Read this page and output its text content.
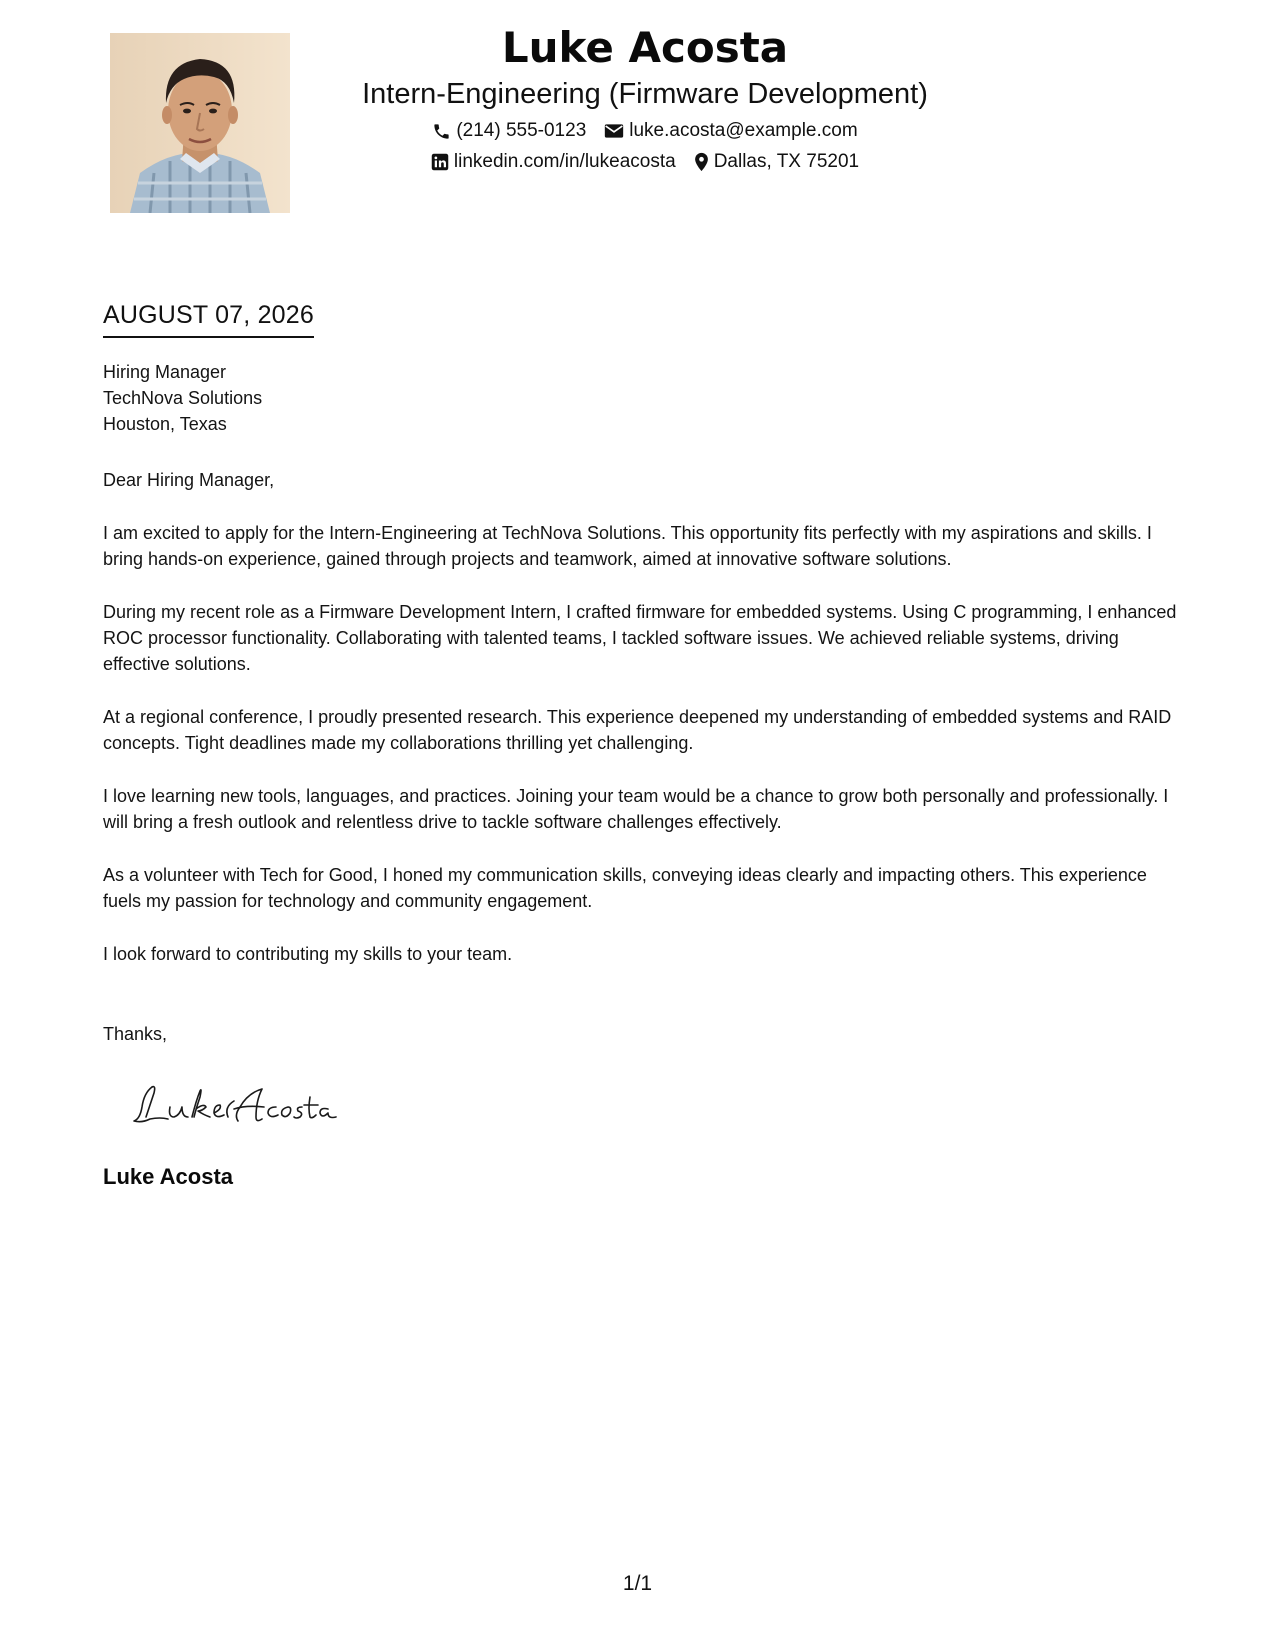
Luke Acosta
Intern-Engineering (Firmware Development)
(214) 555-0123 luke.acosta@example.com
linkedin.com/in/lukeacosta Dallas, TX 75201
AUGUST 07, 2026
Hiring Manager
TechNova Solutions
Houston, Texas
Dear Hiring Manager,

I am excited to apply for the Intern-Engineering at TechNova Solutions. This opportunity fits perfectly with my aspirations and skills. I bring hands-on experience, gained through projects and teamwork, aimed at innovative software solutions.

During my recent role as a Firmware Development Intern, I crafted firmware for embedded systems. Using C programming, I enhanced ROC processor functionality. Collaborating with talented teams, I tackled software issues. We achieved reliable systems, driving effective solutions.

At a regional conference, I proudly presented research. This experience deepened my understanding of embedded systems and RAID concepts. Tight deadlines made my collaborations thrilling yet challenging.

I love learning new tools, languages, and practices. Joining your team would be a chance to grow both personally and professionally. I will bring a fresh outlook and relentless drive to tackle software challenges effectively.

As a volunteer with Tech for Good, I honed my communication skills, conveying ideas clearly and impacting others. This experience fuels my passion for technology and community engagement.

I look forward to contributing my skills to your team.

Thanks,
Luke Acosta
1/1
